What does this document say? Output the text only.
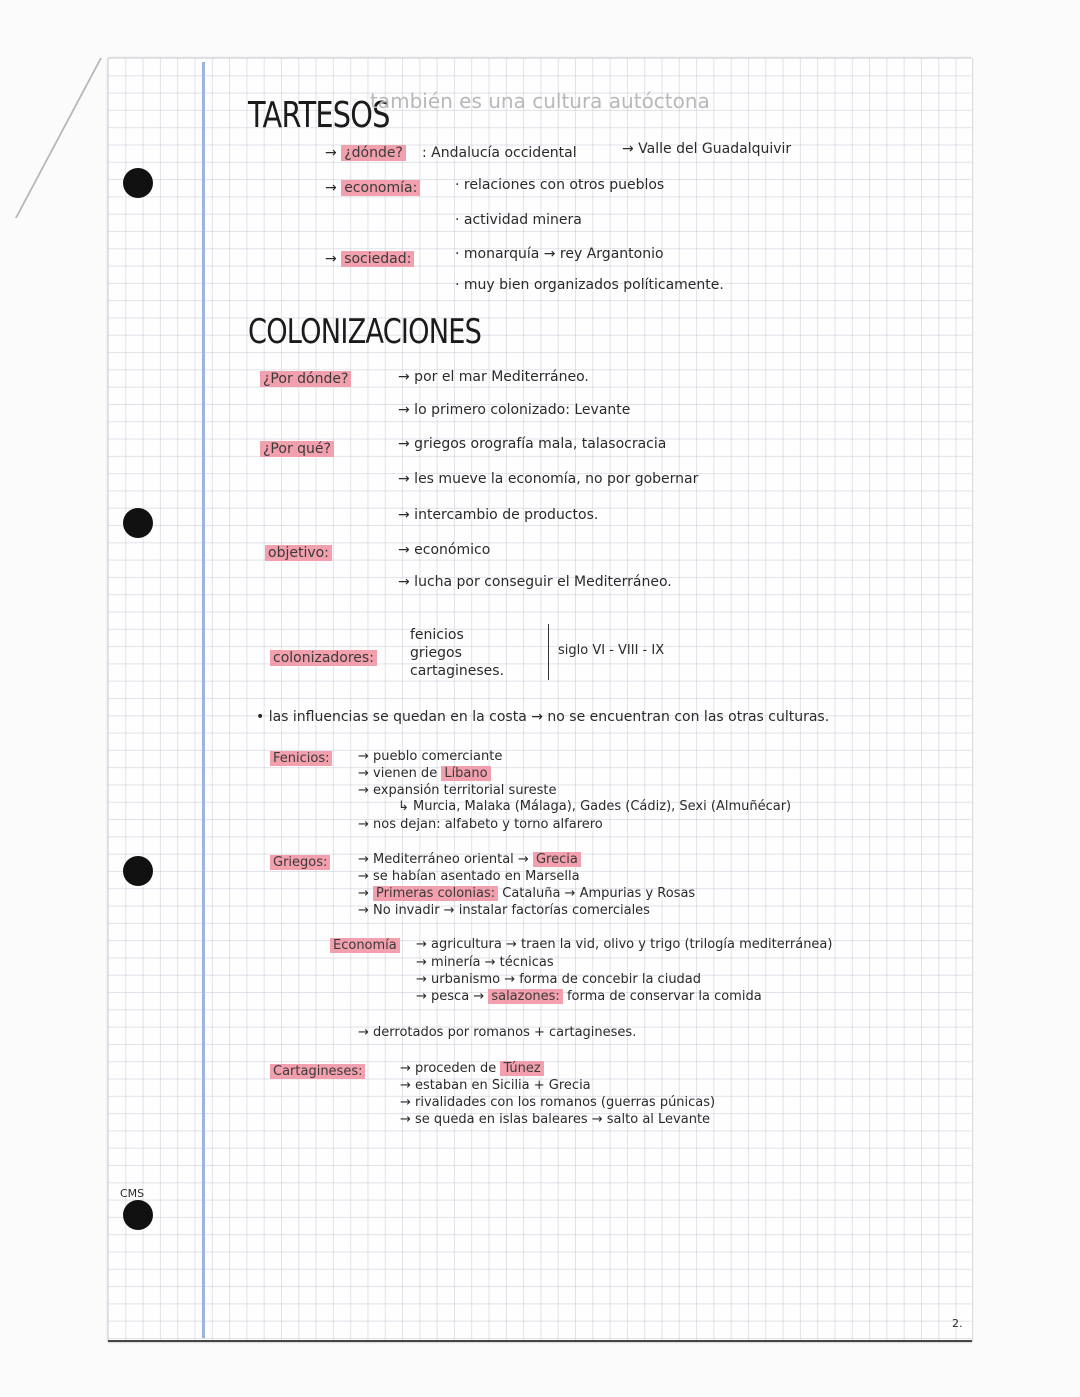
TARTESOS
también es una cultura autóctona
→ ¿dónde? : Andalucía occidental	→ Valle del Guadalquivir
→ economía:	· relaciones con otros pueblos
· actividad minera
→ sociedad:	· monarquía → rey Argantonio
· muy bien organizados políticamente.
COLONIZACIONES
¿Por dónde?	→ por el mar Mediterráneo.
→ lo primero colonizado: Levante
¿Por qué?	→ griegos orografía mala, talasocracia
→ les mueve la economía, no por gobernar
→ intercambio de productos.
objetivo:	→ económico
→ lucha por conseguir el Mediterráneo.
colonizadores:
fenicios
griegos
cartagineses.
siglo VI - VIII - IX
• las influencias se quedan en la costa → no se encuentran con las otras culturas.
Fenicios: → pueblo comerciante
→ vienen de Líbano
→ expansión territorial sureste
↳ Murcia, Malaka (Málaga), Gades (Cádiz), Sexi (Almuñécar)
→ nos dejan: alfabeto y torno alfarero
Griegos: → Mediterráneo oriental → Grecia
→ se habían asentado en Marsella
→ Primeras colonias: Cataluña → Ampurias y Rosas
→ No invadir → instalar factorías comerciales
Economía → agricultura → traen la vid, olivo y trigo (trilogía mediterránea)
→ minería → técnicas
→ urbanismo → forma de concebir la ciudad
→ pesca → salazones: forma de conservar la comida
→ derrotados por romanos + cartagineses.
Cartagineses:	→ proceden de Túnez
→ estaban en Sicilia + Grecia
→ rivalidades con los romanos (guerras púnicas)
→ se queda en islas baleares → salto al Levante
CMS
2.
